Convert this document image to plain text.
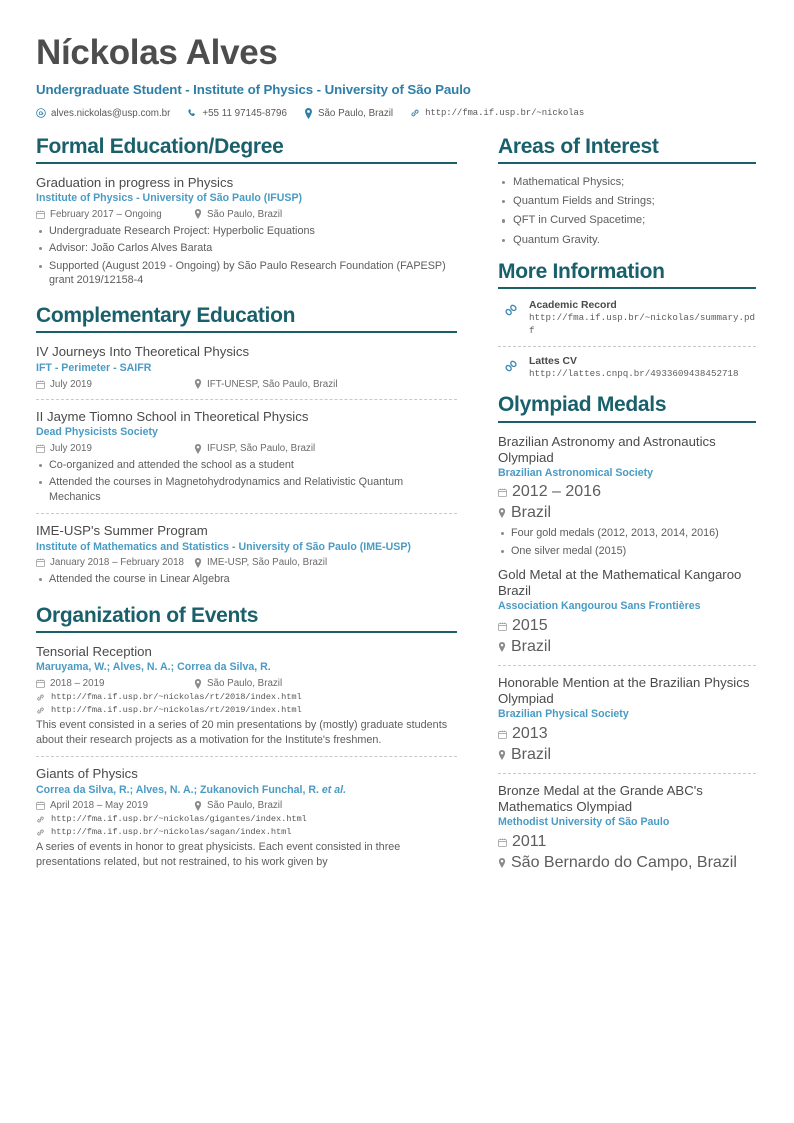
Níckolas Alves
Undergraduate Student - Institute of Physics - University of São Paulo
alves.nickolas@usp.com.br	+55 11 97145-8796	São Paulo, Brazil	http://fma.if.usp.br/~nickolas
Formal Education/Degree
Graduation in progress in Physics
Institute of Physics - University of São Paulo (IFUSP)
February 2017 – Ongoing	São Paulo, Brazil
Undergraduate Research Project: Hyperbolic Equations
Advisor: João Carlos Alves Barata
Supported (August 2019 - Ongoing) by São Paulo Research Foundation (FAPESP) grant 2019/12158-4
Complementary Education
IV Journeys Into Theoretical Physics
IFT - Perimeter - SAIFR
July 2019	IFT-UNESP, São Paulo, Brazil
II Jayme Tiomno School in Theoretical Physics
Dead Physicists Society
July 2019	IFUSP, São Paulo, Brazil
Co-organized and attended the school as a student
Attended the courses in Magnetohydrodynamics and Relativistic Quantum Mechanics
IME-USP's Summer Program
Institute of Mathematics and Statistics - University of São Paulo (IME-USP)
January 2018 – February 2018 IME-USP, São Paulo, Brazil
Attended the course in Linear Algebra
Organization of Events
Tensorial Reception
Maruyama, W.; Alves, N. A.; Correa da Silva, R.
2018 – 2019	São Paulo, Brazil
http://fma.if.usp.br/~nickolas/rt/2018/index.html
http://fma.if.usp.br/~nickolas/rt/2019/index.html
This event consisted in a series of 20 min presentations by (mostly) graduate students about their research projects as a motivation for the Institute's freshmen.
Giants of Physics
Correa da Silva, R.; Alves, N. A.; Zukanovich Funchal, R. et al.
April 2018 – May 2019	São Paulo, Brazil
http://fma.if.usp.br/~nickolas/gigantes/index.html
http://fma.if.usp.br/~nickolas/sagan/index.html
A series of events in honor to great physicists. Each event consisted in three presentations related, but not restrained, to his work given by
Areas of Interest
Mathematical Physics;
Quantum Fields and Strings;
QFT in Curved Spacetime;
Quantum Gravity.
More Information
Academic Record
http://fma.if.usp.br/~nickolas/summary.pdf
Lattes CV
http://lattes.cnpq.br/4933609438452718
Olympiad Medals
Brazilian Astronomy and Astronautics Olympiad
Brazilian Astronomical Society
2012 – 2016
Brazil
Four gold medals (2012, 2013, 2014, 2016)
One silver medal (2015)
Gold Metal at the Mathematical Kangaroo Brazil
Association Kangourou Sans Frontières
2015
Brazil
Honorable Mention at the Brazilian Physics Olympiad
Brazilian Physical Society
2013
Brazil
Bronze Medal at the Grande ABC's Mathematics Olympiad
Methodist University of São Paulo
2011
São Bernardo do Campo, Brazil
